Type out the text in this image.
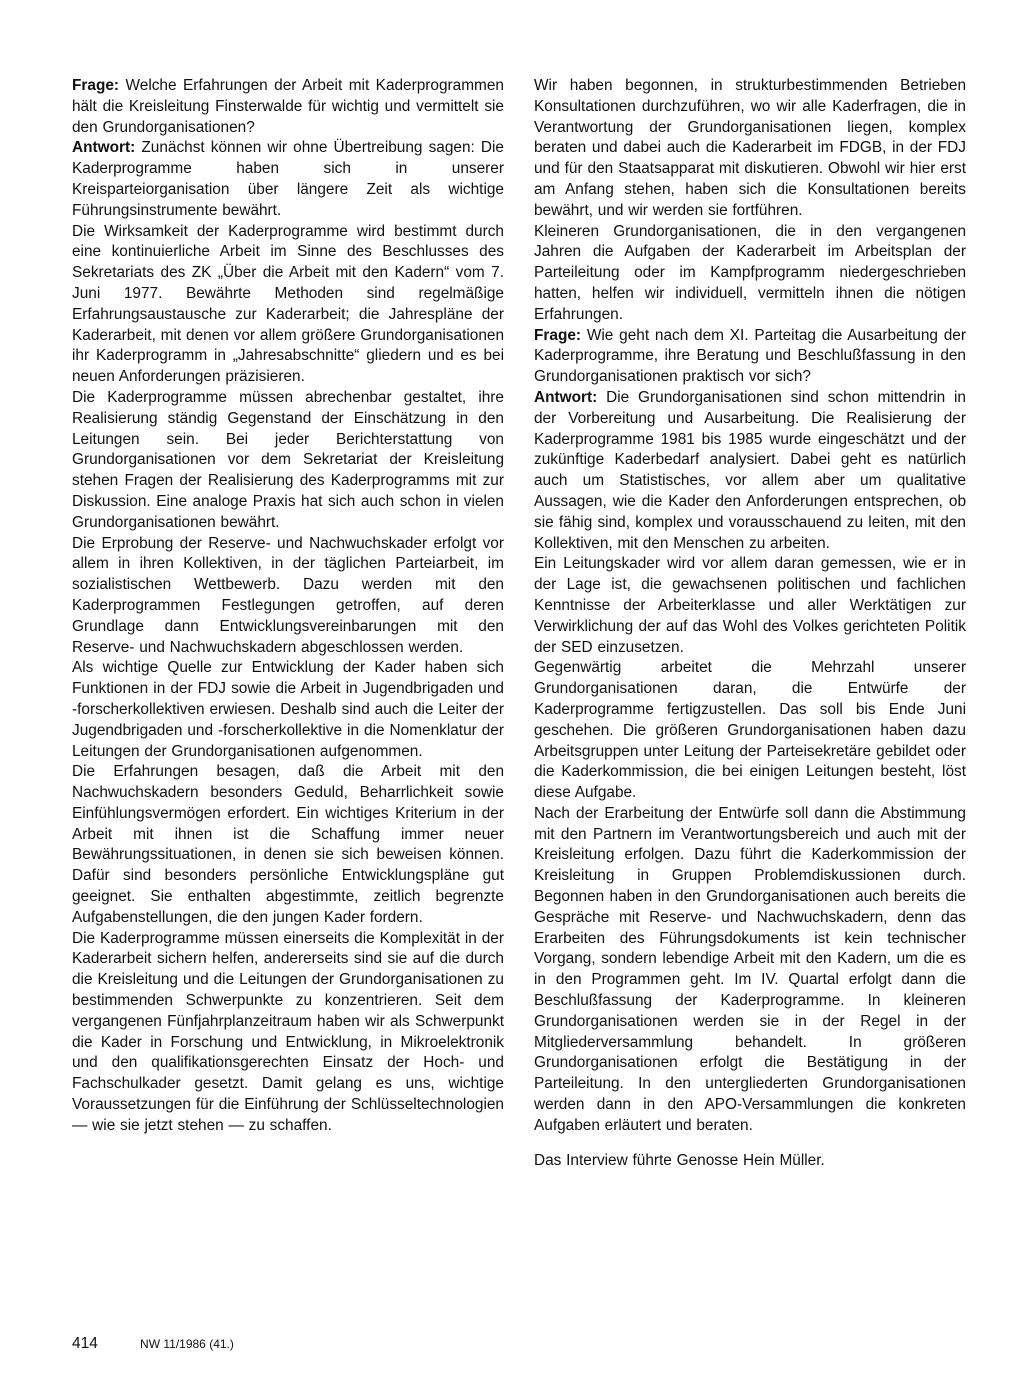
Frage: Welche Erfahrungen der Arbeit mit Kaderprogrammen hält die Kreisleitung Finsterwalde für wichtig und vermittelt sie den Grundorganisationen?

Antwort: Zunächst können wir ohne Übertreibung sagen: Die Kaderprogramme haben sich in unserer Kreisparteiorganisation über längere Zeit als wichtige Führungsinstrumente bewährt.

Die Wirksamkeit der Kaderprogramme wird bestimmt durch eine kontinuierliche Arbeit im Sinne des Beschlusses des Sekretariats des ZK „Über die Arbeit mit den Kadern“ vom 7. Juni 1977. Bewährte Methoden sind regelmäßige Erfahrungsaustausche zur Kaderarbeit; die Jahrespläne der Kaderarbeit, mit denen vor allem größere Grundorganisationen ihr Kaderprogramm in „Jahresabschnitte“ gliedern und es bei neuen Anforderungen präzisieren.

Die Kaderprogramme müssen abrechenbar gestaltet, ihre Realisierung ständig Gegenstand der Einschätzung in den Leitungen sein. Bei jeder Berichterstattung von Grundorganisationen vor dem Sekretariat der Kreisleitung stehen Fragen der Realisierung des Kaderprogramms mit zur Diskussion. Eine analoge Praxis hat sich auch schon in vielen Grundorganisationen bewährt.

Die Erprobung der Reserve- und Nachwuchskader erfolgt vor allem in ihren Kollektiven, in der täglichen Parteiarbeit, im sozialistischen Wettbewerb. Dazu werden mit den Kaderprogrammen Festlegungen getroffen, auf deren Grundlage dann Entwicklungsvereinbarungen mit den Reserve- und Nachwuchskadern abgeschlossen werden.

Als wichtige Quelle zur Entwicklung der Kader haben sich Funktionen in der FDJ sowie die Arbeit in Jugendbrigaden und -forscherkollektiven erwiesen. Deshalb sind auch die Leiter der Jugendbrigaden und -forscherkollektive in die Nomenklatur der Leitungen der Grundorganisationen aufgenommen.

Die Erfahrungen besagen, daß die Arbeit mit den Nachwuchskadern besonders Geduld, Beharrlichkeit sowie Einfühlungsvermögen erfordert. Ein wichtiges Kriterium in der Arbeit mit ihnen ist die Schaffung immer neuer Bewährungssituationen, in denen sie sich beweisen können. Dafür sind besonders persönliche Entwicklungspläne gut geeignet. Sie enthalten abgestimmte, zeitlich begrenzte Aufgabenstellungen, die den jungen Kader fordern.

Die Kaderprogramme müssen einerseits die Komplexität in der Kaderarbeit sichern helfen, andererseits sind sie auf die durch die Kreisleitung und die Leitungen der Grundorganisationen zu bestimmenden Schwerpunkte zu konzentrieren. Seit dem vergangenen Fünfjahrplanzeitraum haben wir als Schwerpunkt die Kader in Forschung und Entwicklung, in Mikroelektronik und den qualifikationsgerechten Einsatz der Hoch- und Fachschulkader gesetzt. Damit gelang es uns, wichtige Voraussetzungen für die Einführung der Schlüsseltechnologien — wie sie jetzt stehen — zu schaffen.

Wir haben begonnen, in strukturbestimmenden Betrieben Konsultationen durchzuführen, wo wir alle Kaderfragen, die in Verantwortung der Grundorganisationen liegen, komplex beraten und dabei auch die Kaderarbeit im FDGB, in der FDJ und für den Staatsapparat mit diskutieren. Obwohl wir hier erst am Anfang stehen, haben sich die Konsultationen bereits bewährt, und wir werden sie fortführen.

Kleineren Grundorganisationen, die in den vergangenen Jahren die Aufgaben der Kaderarbeit im Arbeitsplan der Parteileitung oder im Kampfprogramm niedergeschrieben hatten, helfen wir individuell, vermitteln ihnen die nötigen Erfahrungen.

Frage: Wie geht nach dem XI. Parteitag die Ausarbeitung der Kaderprogramme, ihre Beratung und Beschlußfassung in den Grundorganisationen praktisch vor sich?

Antwort: Die Grundorganisationen sind schon mittendrin in der Vorbereitung und Ausarbeitung. Die Realisierung der Kaderprogramme 1981 bis 1985 wurde eingeschätzt und der zukünftige Kaderbedarf analysiert. Dabei geht es natürlich auch um Statistisches, vor allem aber um qualitative Aussagen, wie die Kader den Anforderungen entsprechen, ob sie fähig sind, komplex und vorausschauend zu leiten, mit den Kollektiven, mit den Menschen zu arbeiten.

Ein Leitungskader wird vor allem daran gemessen, wie er in der Lage ist, die gewachsenen politischen und fachlichen Kenntnisse der Arbeiterklasse und aller Werktätigen zur Verwirklichung der auf das Wohl des Volkes gerichteten Politik der SED einzusetzen.

Gegenwärtig arbeitet die Mehrzahl unserer Grundorganisationen daran, die Entwürfe der Kaderprogramme fertigzustellen. Das soll bis Ende Juni geschehen. Die größeren Grundorganisationen haben dazu Arbeitsgruppen unter Leitung der Parteisekretäre gebildet oder die Kaderkommission, die bei einigen Leitungen besteht, löst diese Aufgabe.

Nach der Erarbeitung der Entwürfe soll dann die Abstimmung mit den Partnern im Verantwortungsbereich und auch mit der Kreisleitung erfolgen. Dazu führt die Kaderkommission der Kreisleitung in Gruppen Problemdiskussionen durch. Begonnen haben in den Grundorganisationen auch bereits die Gespräche mit Reserve- und Nachwuchskadern, denn das Erarbeiten des Führungsdokuments ist kein technischer Vorgang, sondern lebendige Arbeit mit den Kadern, um die es in den Programmen geht. Im IV. Quartal erfolgt dann die Beschlußfassung der Kaderprogramme. In kleineren Grundorganisationen werden sie in der Regel in der Mitgliederversammlung behandelt. In größeren Grundorganisationen erfolgt die Bestätigung in der Parteileitung. In den untergliederten Grundorganisationen werden dann in den APO-Versammlungen die konkreten Aufgaben erläutert und beraten.

Das Interview führte Genosse Hein Müller.

414	NW 11/1986 (41.)
